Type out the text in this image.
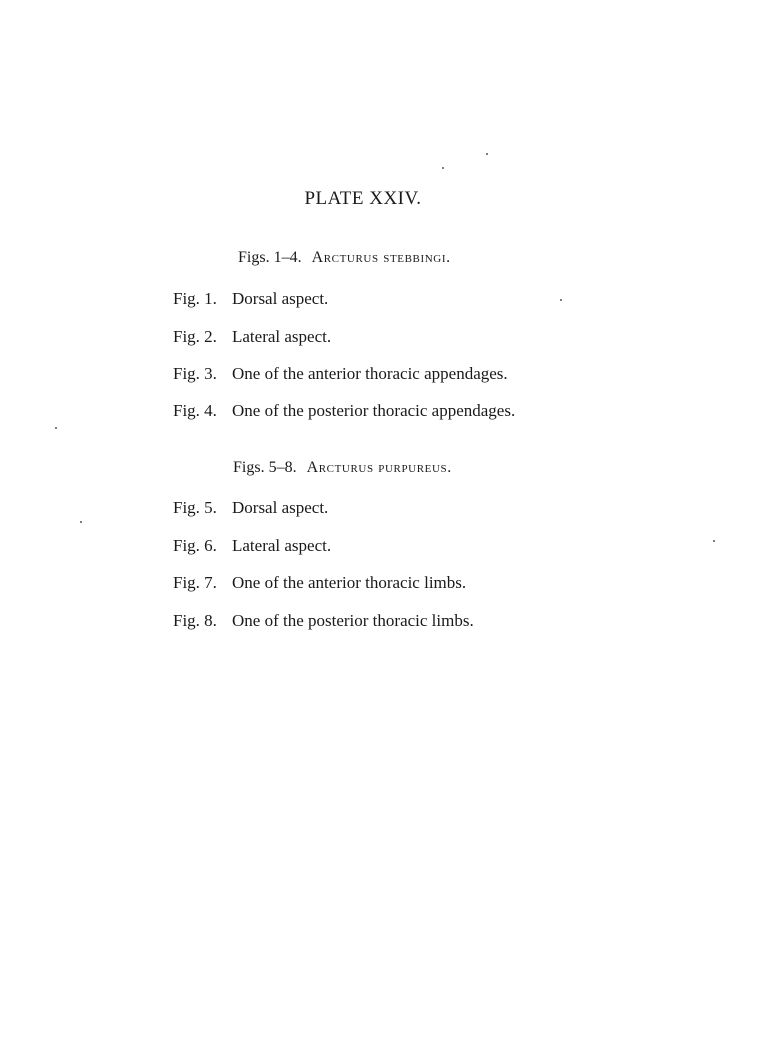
PLATE XXIV.
Figs. 1–4. Arcturus stebbingi.
Fig. 1. Dorsal aspect.
Fig. 2. Lateral aspect.
Fig. 3. One of the anterior thoracic appendages.
Fig. 4. One of the posterior thoracic appendages.
Figs. 5–8. Arcturus purpureus.
Fig. 5. Dorsal aspect.
Fig. 6. Lateral aspect.
Fig. 7. One of the anterior thoracic limbs.
Fig. 8. One of the posterior thoracic limbs.
